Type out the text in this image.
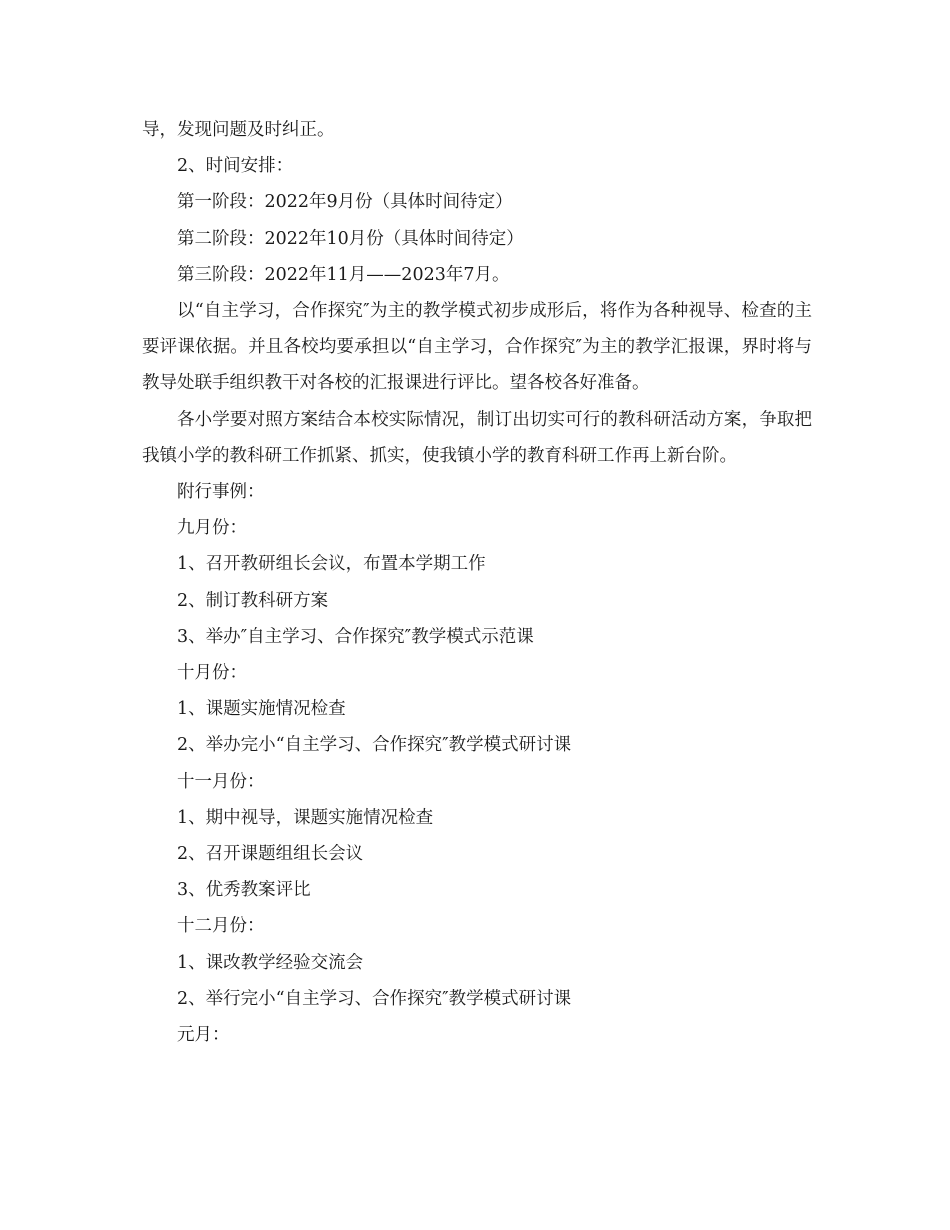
导，发现问题及时纠正。

2、时间安排：

第一阶段：2022年9月份（具体时间待定）

第二阶段：2022年10月份（具体时间待定）

第三阶段：2022年11月——2023年7月。

以“自主学习，合作探究″为主的教学模式初步成形后，将作为各种视导、检查的主要评课依据。并且各校均要承担以“自主学习，合作探究″为主的教学汇报课，界时将与教导处联手组织教干对各校的汇报课进行评比。望各校各好准备。

各小学要对照方案结合本校实际情况，制订出切实可行的教科研活动方案，争取把我镇小学的教科研工作抓紧、抓实，使我镇小学的教育科研工作再上新台阶。

附行事例：

九月份：

1、召开教研组长会议，布置本学期工作

2、制订教科研方案

3、举办″自主学习、合作探究″教学模式示范课

十月份：

1、课题实施情况检查

2、举办完小“自主学习、合作探究″教学模式研讨课

十一月份：

1、期中视导，课题实施情况检查

2、召开课题组组长会议

3、优秀教案评比

十二月份：

1、课改教学经验交流会

2、举行完小“自主学习、合作探究″教学模式研讨课

元月：
